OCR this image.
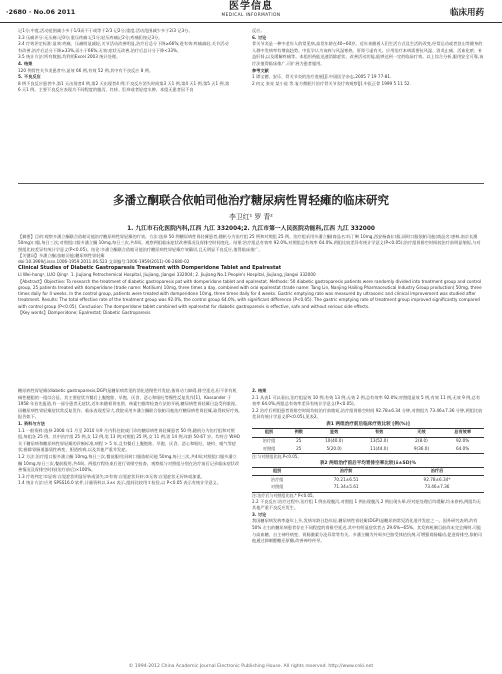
·2680 · No.06 2011	医学信息
MEDICAL INFORMATION	临床用药

记1分;中度,活动范围减小多于1/3而不于或等于2/3 记2分;重度,活动范围减少多于2/3 记3分。

3.3 压痛评分:无压痛:记0分;重压疼痛:记1分;轻压疼痛记2分;疼痛拒按记3分。

3.4 疗效评定标准:显效:疼痛、压痛明显减轻,关节活动改善明显,治疗后总分下降≥66%;进有效:疼痛减轻,关节活动有改善,治疗后总分下降≥33%,而小于66%;无效:症状无改善,治疗后总计分下降<33%。

3.5 统计方法:所有数据,均利用Excel 2003 统计处理。

4. 结果

120 例骨性关节炎患者中,显效 66 例,有效 52 例,其中有不良反应 8 例。

5. 不良反应

8 例不良反应患者中,第1 天出现者4 例,第2 天出现者4 例;不良反应消失时间第3 天1 例,第4 天1 例,第5 天1 例,第6 天1 例。主要不良反应表现为不同程度的腹泻、红疹、肛痒或者轻度水肿。本组无患者因不良

反应。

6. 讨论

骨关节炎是一种中老年人的常见病,高发年龄在40~60岁。近年来随着人们生活方式及生活的改变,经常运动或者登山等健身的人群中发病率有增高趋势。中医学认为该病与风湿寒热、肝肾亏虚有关。应用治疗本病需要抗风湿、消炎止痛、活血化瘀、补益肝肾,以及缓解疼痛等。本组用药能迅速消除症状、改善活动功能,能够达到一定的临床疗效。以上综合分析,服用安全可靠,该疗法值得临床推广,可扩展为患者服用。

参考文献

1 谭宝德、安乐、骨关节炎的治疗进展[J].中国医学杂志,2005 7 19 77-81.

2 何文 张亮 某小说 等.复方熊胆片治疗骨关节炎疗效观察[J].中医正骨 1999 5 11 52.

多潘立酮联合依帕司他治疗糖尿病性胃轻瘫的临床研究
李卫红¹ 罗 青²
1. 九江市石化医院内科,江西 九江 332004;2. 九江市第一人民医院功能科,江西 九江 332000

【摘要】目的:观察多潘立酮联合依帕司他治疗糖尿病性胃轻瘫的疗效。方法:选择 50 例糖尿病性胃轻瘫患者,随机分为治疗组 25 例和对照组 25 例。治疗组采用多潘立酮(商品名:吗丁啉 10mg,西安杨森)口服,同时口服依帕司他(商品名:唐林,南京长澳 50mg)口服,每日三次;对照组口服多潘立酮 10mg,每日三次,共4周。观察两组临床症状改善情况及胃排空时间变化。结果:治疗组总有效率 92.0%,对照组总有效率 64.0%,两组比较差异有统计学意义(P<0.05);治疗组胃排空时间较治疗前明显缩短,与对照组比较差异有统计学意义(P<0.05)。结论:多潘立酮联合依帕司他治疗糖尿病性胃轻瘫疗效确切,且无明显不良反应,值得临床推广。

【关键词】多潘立酮;依帕司他;糖尿病性胃轻瘫

doi:10.3969/j.issn.1006-1959.2011.06.523 文章编号:1006-1959(2011)-06-2680-02

Clinical Studies of Diabetic Gastroparesis Treatment with Domperidone Tablet and Epalrestat

LI Wei-hong¹, LUO Qing². 1. Jiujiang Petrochemical Hospital, Jiujiang, Jiangxi 332004; 2. Jiujiang No.1 People's Hospital, Jiujiang, Jiangxi 332000

【Abstract】Objective: To research the treatment of diabetic gastroparesis pat with domperidone tablet and epalrestat. Methods: 50 diabetic gastroparesis patients were randomly divided into treatment group and control group, 25 patients treated with domperidone (trade name: Motilium) 10mg, three times a day, combined with oral epalrestat (trade name: Tang Lin, Nanjing Hailing Pharmaceutical Industry Group production) 50mg, three times daily for 4 weeks. In the control group, patients were treated with domperidone 10mg, three times daily for 4 weeks. Gastric emptying rate was measured by ultrasonic and clinical improvement was studied after treatment. Results: The total effective rate of the treatment group was 92.0%, the control group 64.0%, with significant difference (P<0.05). The gastric emptying rate of treatment group improved significantly compared with control group (P<0.05). Conclusion: The domperidone tablet combined with epalrestat for diabetic gastroparesis is effective, safe and without serious side effects.

【Key words】Domperidone; Epalrestat; Diabetic Gastroparesis

糖尿病性胃轻瘫(diabetic gastroparesis,DGP)是糖尿病常见的消化道慢性并发症,指胃动力障碍,排空延迟,但不伴有机械性梗阻的一组综合征。其主要症状为餐后上腹饱胀、早饱、厌食、恶心和呕吐等慢性反复发作[1]。Kassander 于1958 年首先报道,有一部分患者无症状,近年来随着胃电图、核素扫描等检查方法的开展,糖尿病性胃轻瘫日益受到重视。因糖尿病性胃轻瘫症状常反复发作、临床表现差异大,我院采用多潘立酮联合依帕司他治疗糖尿病性胃轻瘫,取得较好疗效,报告如下。

1. 资料与方法

1.1 一般资料:选择 2008 年1 月至 2010 年9 月内科住院或门诊的糖尿病性胃轻瘫患者 50 例,随机分为治疗组和对照组,每组各 25 例。其中治疗组 25 例,女 12 例,男 13 例;对照组 25 例,女 11 例,男 14 例,年龄 50-67 岁。均符合 WHO 关于糖尿病和糖尿病性胃轻瘫的诊断标准,病程 > 5 年,且有餐后上腹饱胀、早饱、厌食、恶心和呕吐、烧灼、嗳气等症状;排除胃肠道器质性病变、胆道疾病,以及其他严重并发症。

1.2 方法:治疗组口服多潘立酮 10mg,每日三次,餐前服用;同时口服依帕司他 50mg,每日三次,共4周;对照组口服多潘立酮 10mg,每日三次,餐前服用,共4周。两组疗程结束后进行胃排空检查。观察组与对照组分别在治疗前后记录临床症状改善情况及胃排空时间(治疗前后)×100%。

1.3 疗效判定:①显效:自觉症状明显好转或消失;②有效:自觉症状好转;③无效:自觉症状无好转或加重。

1.4 统计方法:应用 SPSS16.0 软件,计量资料以 x̄±s 表示,组间比较用 t 检验,以 P<0.05 表示有统计学意义。

2. 结果

2.1 从表1 可以看出,治疗组显效 10 例,有效 13 例,无效 2 例,总有效率 92.0%;对照组显效 5 例,有效 11 例,无效 9 例,总有效率 64.0%,两组总有效率差异有统计学意义(P<0.05)。

2.2 治疗后两组患者胃排空时间均较治疗前缩短,治疗组胃排空时间 92.78±6.34 分钟,对照组为 73.46±7.36 分钟,两组比较差异有统计学意义(P<0.05),见表2。

表1 两组治疗前后临床疗效比较 [例(%)]
组别	例数	显效	有效	无效	总有效率
治疗组	25	10(40.0)	13(52.0)	2(8.0)	92.0%
对照组	25	5(20.0)	11(44.0)	9(36.0)	64.0%
注:与对照组比较,P<0.05。
表2 两组治疗前后平均胃排空率比较(x̄±SD)%
组别	治疗前	治疗后
治疗组	70.21±6.51	92.78±6.34*
对照组	71.34±5.61	73.46±7.36
注:治疗后与对照组比较,* P<0.05。

2.2 不良反应:治疗过程中,治疗组 1 例出现腹泻,对照组 1 例出现腹泻,2 例出现头晕,经对症处理后均缓解,均未停药,两组均无其他严重不良反应发生。

3. 讨论

我国糖尿病发病率逐年上升,发病年龄日趋年轻,糖尿病性胃轻瘫(DGP)是糖尿病常见消化道并发症之一。国外研究表明,约有 50% 左右的糖尿病患者存在不同程度的胃排空延迟,其中有明显症状者占 29.6%~65%。其发病机制目前尚未完全阐明,可能与高血糖、自主神经病变、胃肠激素分泌异常等有关。多潘立酮为外周多巴胺受体拮抗剂,可增强胃肠蠕动,促进胃排空,依帕司他通过抑制醛糖还原酶,改善神经传导。

© 1994-2012 China Academic Journal Electronic Publishing House. All rights reserved. http://www.cnki.net
